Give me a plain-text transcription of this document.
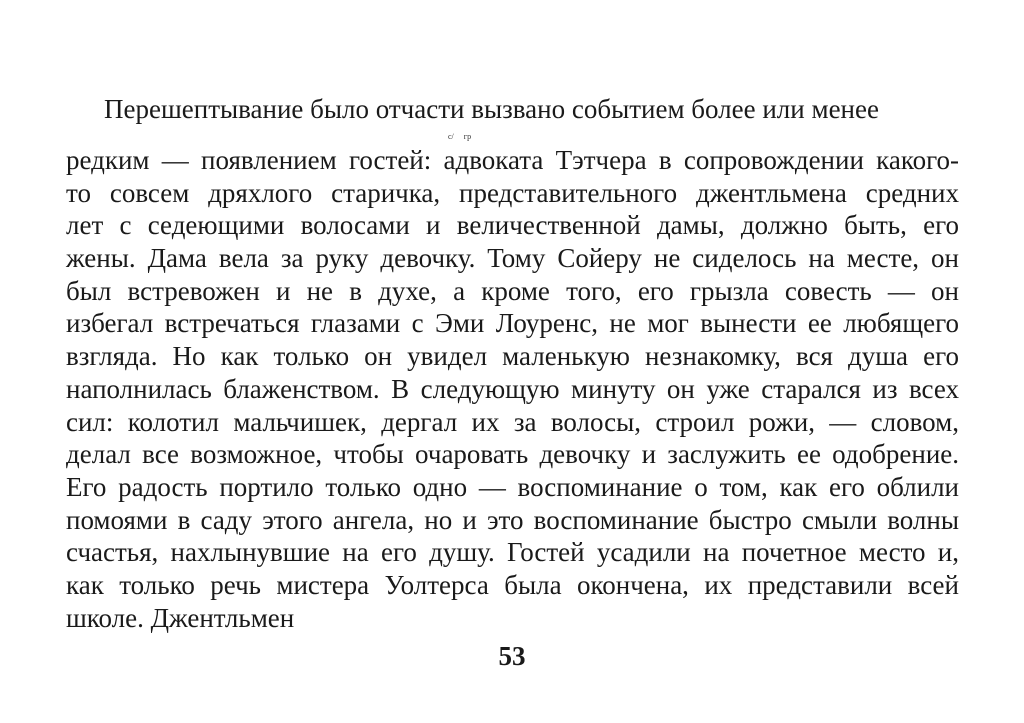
Перешептывание было отчасти вызвано событием более или менее
с/ гр
редким — появлением гостей: адвоката Тэтчера в сопровождении какого-
то совсем дряхлого старичка, представительного джентльмена средних
лет с седеющими волосами и величественной дамы, должно быть, его
жены. Дама вела за руку девочку. Тому Сойеру не сиделось на месте, он
был встревожен и не в духе, а кроме того, его грызла совесть — он
избегал встречаться глазами с Эми Лоуренс, не мог вынести ее любящего
взгляда. Но как только он увидел маленькую незнакомку, вся душа его
наполнилась блаженством. В следующую минуту он уже старался из всех
сил: колотил мальчишек, дергал их за волосы, строил рожи, — словом,
делал все возможное, чтобы очаровать девочку и заслужить ее одобрение.
Его радость портило только одно — воспоминание о том, как его облили
помоями в саду этого ангела, но и это воспоминание быстро смыли волны
счастья, нахлынувшие на его душу. Гостей усадили на почетное место и,
как только речь мистера Уолтерса была окончена, их представили всей
школе. Джентльмен
53
